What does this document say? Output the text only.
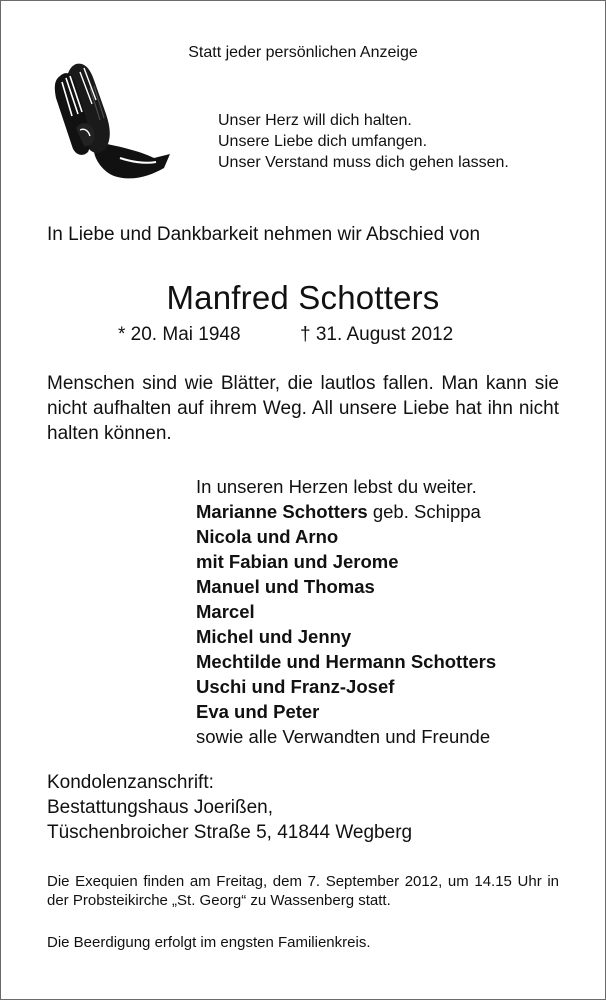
Statt jeder persönlichen Anzeige
Unser Herz will dich halten.
Unsere Liebe dich umfangen.
Unser Verstand muss dich gehen lassen.
In Liebe und Dankbarkeit nehmen wir Abschied von
Manfred Schotters
* 20. Mai 1948	† 31. August 2012
Menschen sind wie Blätter, die lautlos fallen. Man kann sie nicht aufhalten auf ihrem Weg. All unsere Liebe hat ihn nicht halten können.
In unseren Herzen lebst du weiter.
Marianne Schotters geb. Schippa
Nicola und Arno
mit Fabian und Jerome
Manuel und Thomas
Marcel
Michel und Jenny
Mechtilde und Hermann Schotters
Uschi und Franz-Josef
Eva und Peter
sowie alle Verwandten und Freunde
Kondolenzanschrift:
Bestattungshaus Joerißen,
Tüschenbroicher Straße 5, 41844 Wegberg
Die Exequien finden am Freitag, dem 7. September 2012, um 14.15 Uhr in der Probsteikirche „St. Georg“ zu Wassenberg statt.
Die Beerdigung erfolgt im engsten Familienkreis.
